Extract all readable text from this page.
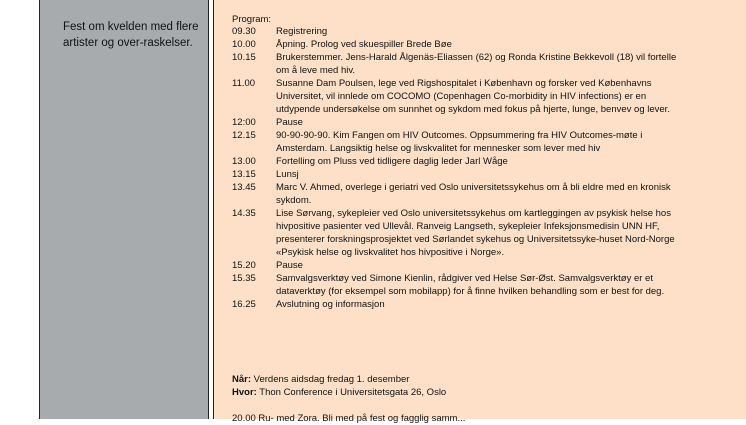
Fest om kvelden med flere artister og over-raskelser.
Program:
09.30	Registrering
10.00	Åpning. Prolog ved skuespiller Brede Bøe
10.15	Brukerstemmer. Jens-Harald Ålgenäs-Eliassen (62) og Ronda Kristine Bekkevoll (18) vil fortelle om å leve med hiv.
11.00	Susanne Dam Poulsen, lege ved Rigshospitalet i København og forsker ved Københavns Universitet, vil innlede om COCOMO (Copenhagen Co-morbidity in HIV infections) er en utdypende undersøkelse om sunnhet og sykdom med fokus på hjerte, lunge, benvev og lever.
12:00	Pause
12.15	90-90-90-90. Kim Fangen om HIV Outcomes. Oppsummering fra HIV Outcomes-møte i Amsterdam. Langsiktig helse og livskvalitet for mennesker som lever med hiv
13.00	Fortelling om Pluss ved tidligere daglig leder Jarl Wåge
13.15	Lunsj
13.45	Marc V. Ahmed, overlege i geriatri ved Oslo universitetssykehus om å bli eldre med en kronisk sykdom.
14.35	Lise Sørvang, sykepleier ved Oslo universitetssykehus om kartleggingen av psykisk helse hos hivpositive pasienter ved Ullevål. Ranveig Langseth, sykepleier Infeksjonsmedisin UNN HF, presenterer forskningsprosjektet ved Sørlandet sykehus og Universitetssyke-huset Nord-Norge «Psykisk helse og livskvalitet hos hivpositive i Norge».
15.20	Pause
15.35	Samvalgsverktøy ved Simone Kienlin, rådgiver ved Helse Sør-Øst. Samvalgsverktøy er et dataverktøy (for eksempel som mobilapp) for å finne hvilken behandling som er best for deg.
16.25	Avslutning og informasjon
Når: Verdens aidsdag fredag 1. desember
Hvor: Thon Conference i Universitetsgata 26, Oslo
20.00 Ru- med Zora. Bli med på fest og fagglig samm...
